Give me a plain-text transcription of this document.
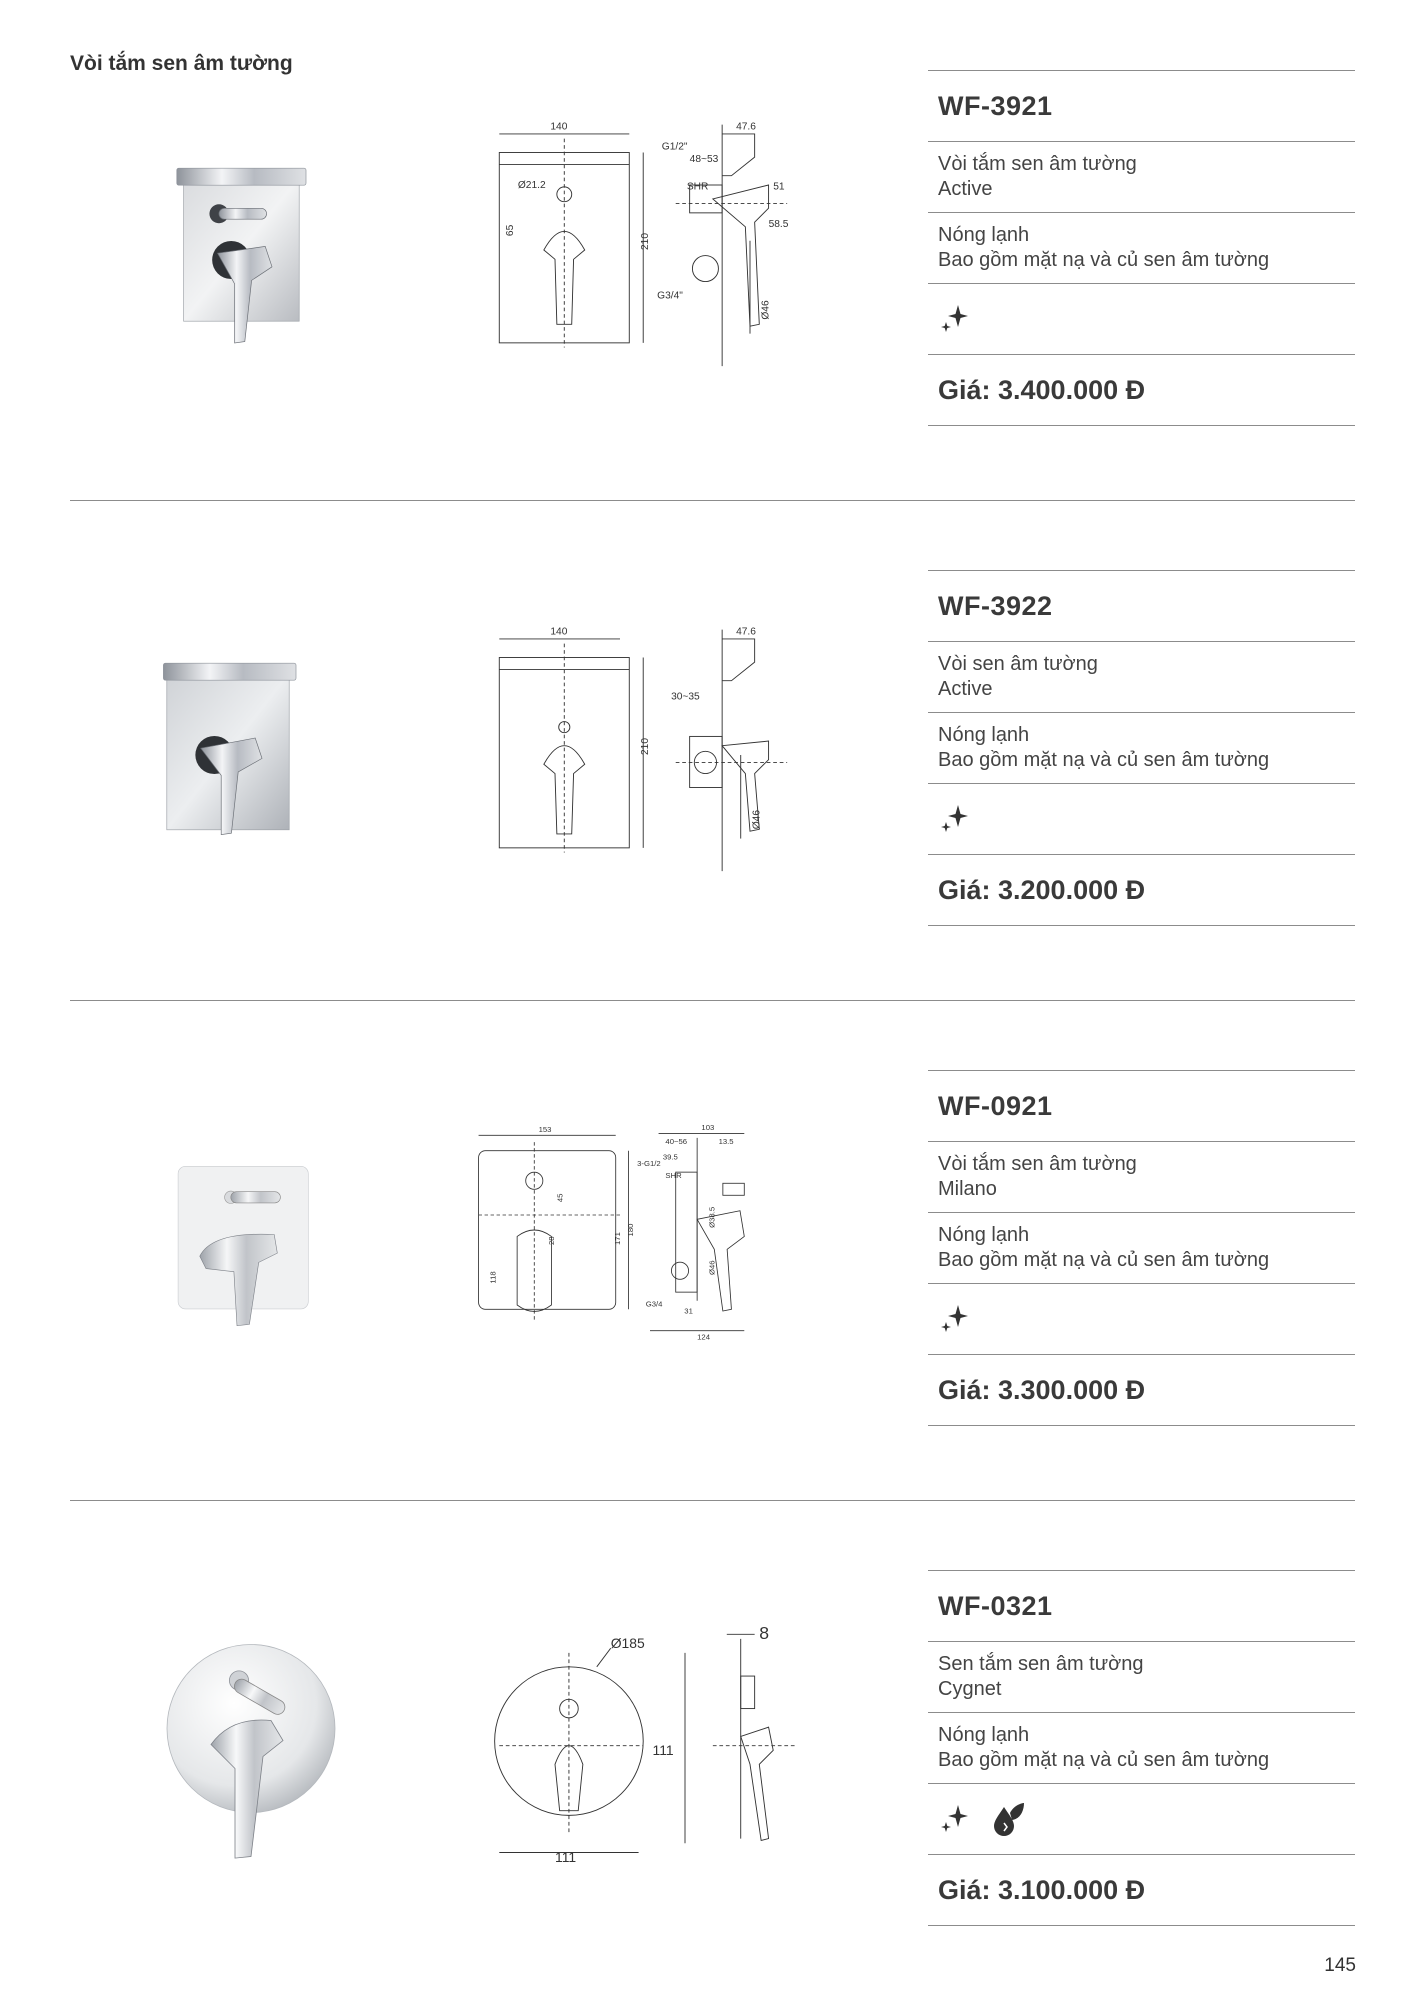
Vòi tắm sen âm tường
140
210
Ø21.2
65
G1/2"
48~53
47.6
SHR	51
58.5
G3/4"
Ø46
WF-3921
Vòi tắm sen âm tường
Active
Nóng lạnh
Bao gồm mặt nạ và củ sen âm tường
Giá: 3.400.000 Đ
140
210
47.6
30~35
Ø46
WF-3922
Vòi sen âm tường
Active
Nóng lạnh
Bao gồm mặt nạ và củ sen âm tường
Giá: 3.200.000 Đ
153
180
45
28	171
118
103
40~56	13.5
3-G1/2
39.5
SHR
Ø38.5
Ø46
G3/4
31
124
WF-0921
Vòi tắm sen âm tường
Milano
Nóng lạnh
Bao gồm mặt nạ và củ sen âm tường
Giá: 3.300.000 Đ
Ø185
111
111
8
WF-0321
Sen tắm sen âm tường
Cygnet
Nóng lạnh
Bao gồm mặt nạ và củ sen âm tường
Giá: 3.100.000 Đ
145
